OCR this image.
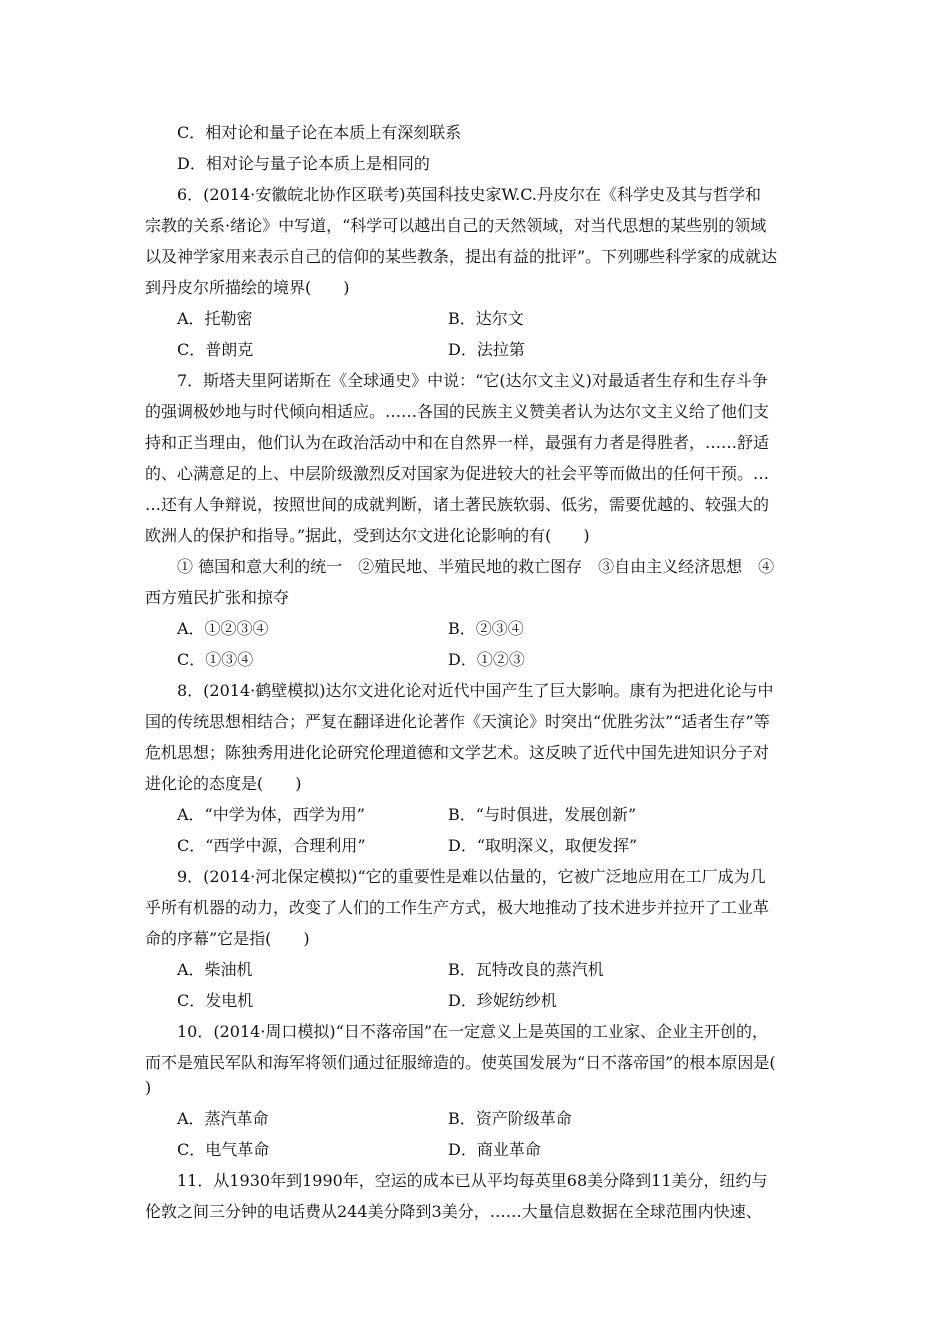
C．相对论和量子论在本质上有深刻联系
D．相对论与量子论本质上是相同的
6．(2014·安徽皖北协作区联考)英国科技史家W.C.丹皮尔在《科学史及其与哲学和
宗教的关系·绪论》中写道，“科学可以越出自己的天然领域，对当代思想的某些别的领域
以及神学家用来表示自己的信仰的某些教条，提出有益的批评”。下列哪些科学家的成就达
到丹皮尔所描绘的境界(　　)
A．托勒密	B．达尔文
C．普朗克	D．法拉第
7．斯塔夫里阿诺斯在《全球通史》中说：“它(达尔文主义)对最适者生存和生存斗争
的强调极妙地与时代倾向相适应。……各国的民族主义赞美者认为达尔文主义给了他们支
持和正当理由，他们认为在政治活动中和在自然界一样，最强有力者是得胜者，……舒适
的、心满意足的上、中层阶级激烈反对国家为促进较大的社会平等而做出的任何干预。…
…还有人争辩说，按照世间的成就判断，诸土著民族软弱、低劣，需要优越的、较强大的
欧洲人的保护和指导。”据此，受到达尔文进化论影响的有(　　)
① 德国和意大利的统一　②殖民地、半殖民地的救亡图存　③自由主义经济思想　④
西方殖民扩张和掠夺
A．①②③④	B．②③④
C．①③④	D．①②③
8．(2014·鹤壁模拟)达尔文进化论对近代中国产生了巨大影响。康有为把进化论与中
国的传统思想相结合；严复在翻译进化论著作《天演论》时突出“优胜劣汰”“适者生存”等
危机思想；陈独秀用进化论研究伦理道德和文学艺术。这反映了近代中国先进知识分子对
进化论的态度是(　　)
A．“中学为体，西学为用”	B．“与时俱进，发展创新”
C．“西学中源，合理利用”	D．“取明深义，取便发挥”
9．(2014·河北保定模拟)“它的重要性是难以估量的，它被广泛地应用在工厂成为几
乎所有机器的动力，改变了人们的工作生产方式，极大地推动了技术进步并拉开了工业革
命的序幕”它是指(　　)
A．柴油机	B．瓦特改良的蒸汽机
C．发电机	D．珍妮纺纱机
10．(2014·周口模拟)“日不落帝国”在一定意义上是英国的工业家、企业主开创的，
而不是殖民军队和海军将领们通过征服缔造的。使英国发展为“日不落帝国”的根本原因是(
)
A．蒸汽革命	B．资产阶级革命
C．电气革命	D．商业革命
11．从1930年到1990年，空运的成本已从平均每英里68美分降到11美分，纽约与
伦敦之间三分钟的电话费从244美分降到3美分，……大量信息数据在全球范围内快速、
